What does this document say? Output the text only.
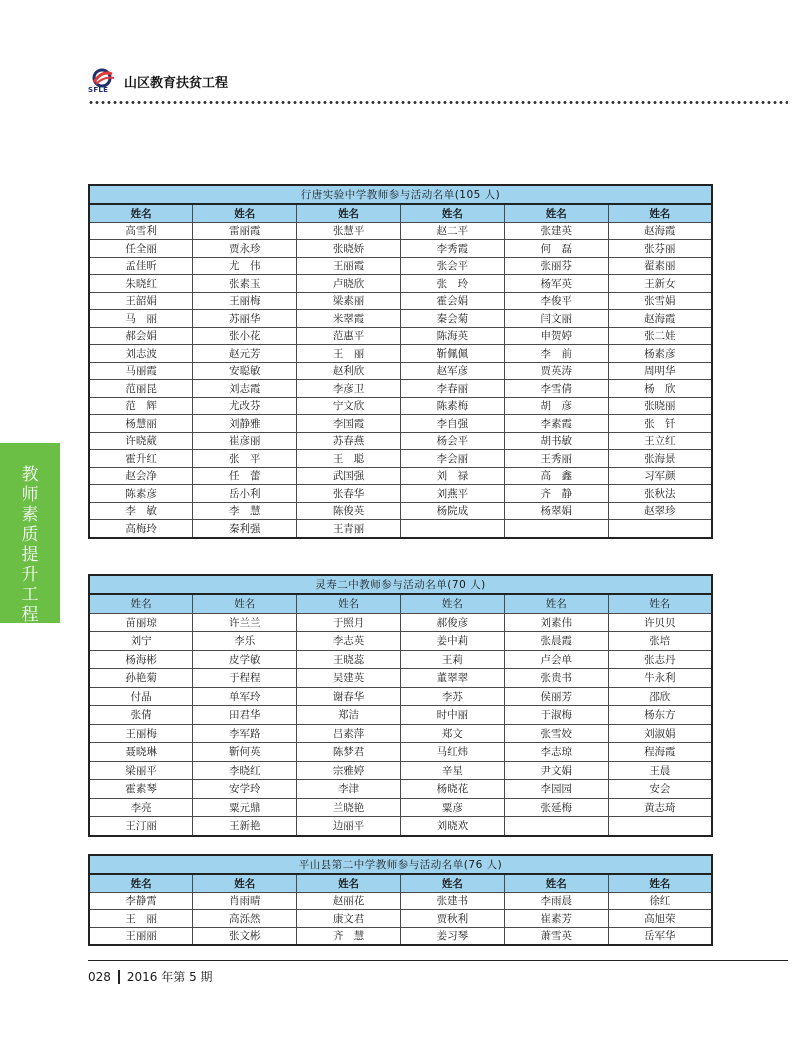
SFLE 山区教育扶贫工程
教师素质提升工程
行唐实验中学教师参与活动名单(105 人)					
姓名	姓名	姓名	姓名	姓名	姓名
高雪利	雷丽霞	张慧平	赵二平	张建英	赵海霞
任全丽	贾永珍	张晓娇	李秀霞	何　磊	张芬丽
孟佳昕	尤　伟	王丽霞	张会平	张丽芬	翟素丽
朱晓红	张素玉	卢晓欣	张　玲	杨军英	王新女
王韶娟	王丽梅	梁素丽	霍会娟	李俊平	张雪娟
马　丽	苏丽华	米翠霞	秦会菊	闫文丽	赵海霞
郝会娟	张小花	范惠平	陈海英	申贺婷	张二娃
刘志波	赵元芳	王　丽	靳佩佩	李　前	杨素彦
马丽霞	安聪敏	赵利欣	赵军彦	贾英涛	周明华
范丽昆	刘志霞	李彦卫	李春丽	李雪倩	杨　欣
范　辉	尤改芬	宁文欣	陈素梅	胡　彦	张晓丽
杨慧丽	刘静雅	李国霞	李自强	李素霞	张　钎
许晓葳	崔彦丽	苏春燕	杨会平	胡书敏	王立红
霍升红	张　平	王　聪	李会丽	王秀丽	张海景
赵会净	任　蕾	武国强	刘　禄	高　鑫	习军颜
陈素彦	岳小利	张春华	刘燕平	齐　静	张秋法
李　敏	李　慧	陈俊英	杨院成	杨翠娟	赵翠珍
高梅玲	秦利强	王青丽			
灵寿二中教师参与活动名单(70 人)					
姓名	姓名	姓名	姓名	姓名	姓名
苗丽琼	许兰兰	于照月	郝俊彦	刘素伟	许贝贝
刘宁	李乐	李志英	姜中莉	张晨霞	张培
杨海彬	皮学敏	王晓蕊	王莉	卢会单	张志丹
孙艳菊	于程程	吴建英	董翠翠	张贵书	牛永利
付晶	单军玲	谢春华	李苏	侯丽芳	邵欣
张倩	田君华	郑洁	时中丽	于淑梅	杨东方
王丽梅	李军路	吕素萍	郑文	张雪姣	刘淑娟
聂晓琳	靳何英	陈梦君	马红炜	李志琼	程海霞
梁丽平	李晓红	宗雅婷	辛星	尹文娟	王晨
霍素琴	安学玲	李津	杨晓花	李园园	安会
李亮	粟元鼎	兰晓艳	粟彦	张延梅	黄志琦
王汀丽	王新艳	边丽平	刘晓欢		
平山县第二中学教师参与活动名单(76 人)					
姓名	姓名	姓名	姓名	姓名	姓名
李静霄	肖雨晴	赵丽花	张建书	李雨晨	徐红
王　丽	高泺然	康文君	贾秋利	崔素芳	高旭荣
王丽丽	张文彬	齐　慧	姜习琴	萧雪英	岳军华
028 2016 年第 5 期
